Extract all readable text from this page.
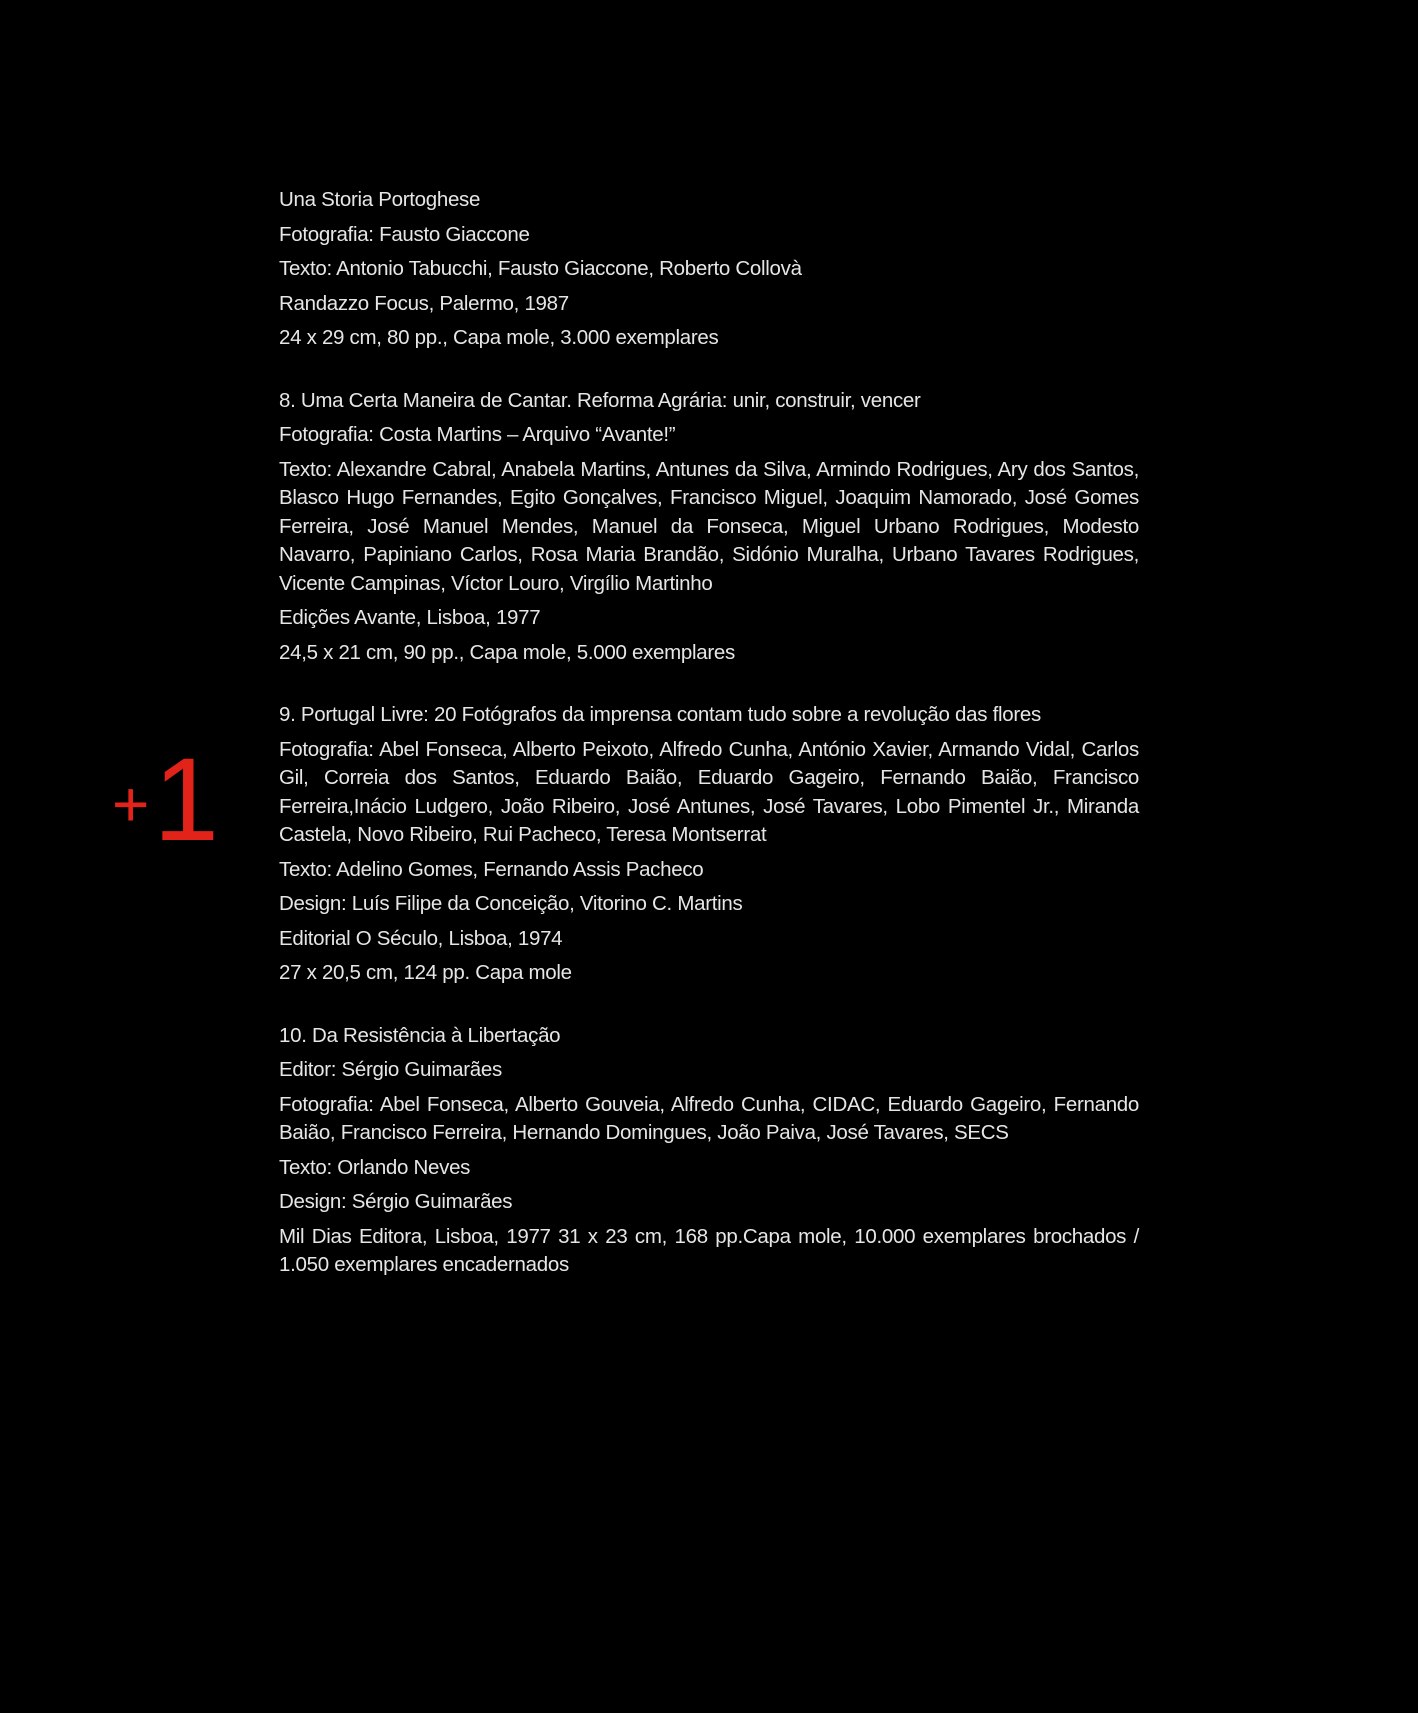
+ 1

Una Storia Portoghese

Fotografia: Fausto Giaccone

Texto: Antonio Tabucchi, Fausto Giaccone, Roberto Collovà

Randazzo Focus, Palermo, 1987

24 x 29 cm, 80 pp., Capa mole, 3.000 exemplares

8. Uma Certa Maneira de Cantar. Reforma Agrária: unir, construir, vencer

Fotografia: Costa Martins – Arquivo “Avante!”

Texto: Alexandre Cabral, Anabela Martins, Antunes da Silva, Armindo Rodrigues, Ary dos Santos, Blasco Hugo Fernandes, Egito Gonçalves, Francisco Miguel, Joaquim Namorado, José Gomes Ferreira, José Manuel Mendes, Manuel da Fonseca, Miguel Urbano Rodrigues, Modesto Navarro, Papiniano Carlos, Rosa Maria Brandão, Sidónio Muralha, Urbano Tavares Rodrigues, Vicente Campinas, Víctor Louro, Virgílio Martinho

Edições Avante, Lisboa, 1977

24,5 x 21 cm, 90 pp., Capa mole, 5.000 exemplares

9. Portugal Livre: 20 Fotógrafos da imprensa contam tudo sobre a revolução das flores

Fotografia: Abel Fonseca, Alberto Peixoto, Alfredo Cunha, António Xavier, Armando Vidal, Carlos Gil, Correia dos Santos, Eduardo Baião, Eduardo Gageiro, Fernando Baião, Francisco Ferreira,Inácio Ludgero, João Ribeiro, José Antunes, José Tavares, Lobo Pimentel Jr., Miranda Castela, Novo Ribeiro, Rui Pacheco, Teresa Montserrat

Texto: Adelino Gomes, Fernando Assis Pacheco

Design: Luís Filipe da Conceição, Vitorino C. Martins

Editorial O Século, Lisboa, 1974

27 x 20,5 cm, 124 pp. Capa mole

10. Da Resistência à Libertação

Editor: Sérgio Guimarães

Fotografia: Abel Fonseca, Alberto Gouveia, Alfredo Cunha, CIDAC, Eduardo Gageiro, Fernando Baião, Francisco Ferreira, Hernando Domingues, João Paiva, José Tavares, SECS

Texto: Orlando Neves

Design: Sérgio Guimarães

Mil Dias Editora, Lisboa, 1977 31 x 23 cm, 168 pp.Capa mole, 10.000 exemplares brochados / 1.050 exemplares encadernados
